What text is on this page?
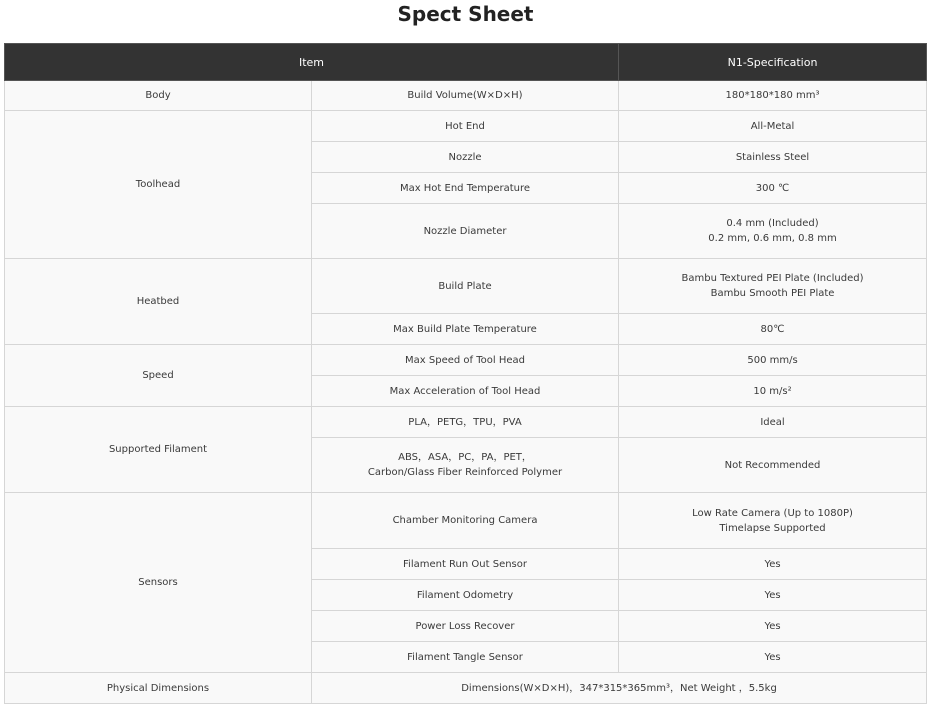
Spect Sheet
Item		N1-Specification
Body	Build Volume(W×D×H)	180*180*180 mm³
Toolhead	Hot End	All-Metal
	Nozzle	Stainless Steel
	Max Hot End Temperature	300 ℃
	Nozzle Diameter	0.4 mm (Included)
0.2 mm, 0.6 mm, 0.8 mm

Heatbed	Build Plate	Bambu Textured PEI Plate (Included)
Bambu Smooth PEI Plate

	Max Build Plate Temperature	80℃
Speed	Max Speed of Tool Head	500 mm/s
	Max Acceleration of Tool Head	10 m/s²
Supported Filament	PLA，PETG，TPU，PVA	Ideal

	ABS，ASA，PC，PA，PET，
Carbon/Glass Fiber Reinforced Polymer	Not Recommended
Sensors	Chamber Monitoring Camera	Low Rate Camera (Up to 1080P)
Timelapse Supported

	Filament Run Out Sensor	Yes
	Filament Odometry	Yes
	Power Loss Recover	Yes
	Filament Tangle Sensor	Yes
Physical Dimensions	Dimensions(W×D×H)，347*315*365mm³，Net Weight ，5.5kg	
